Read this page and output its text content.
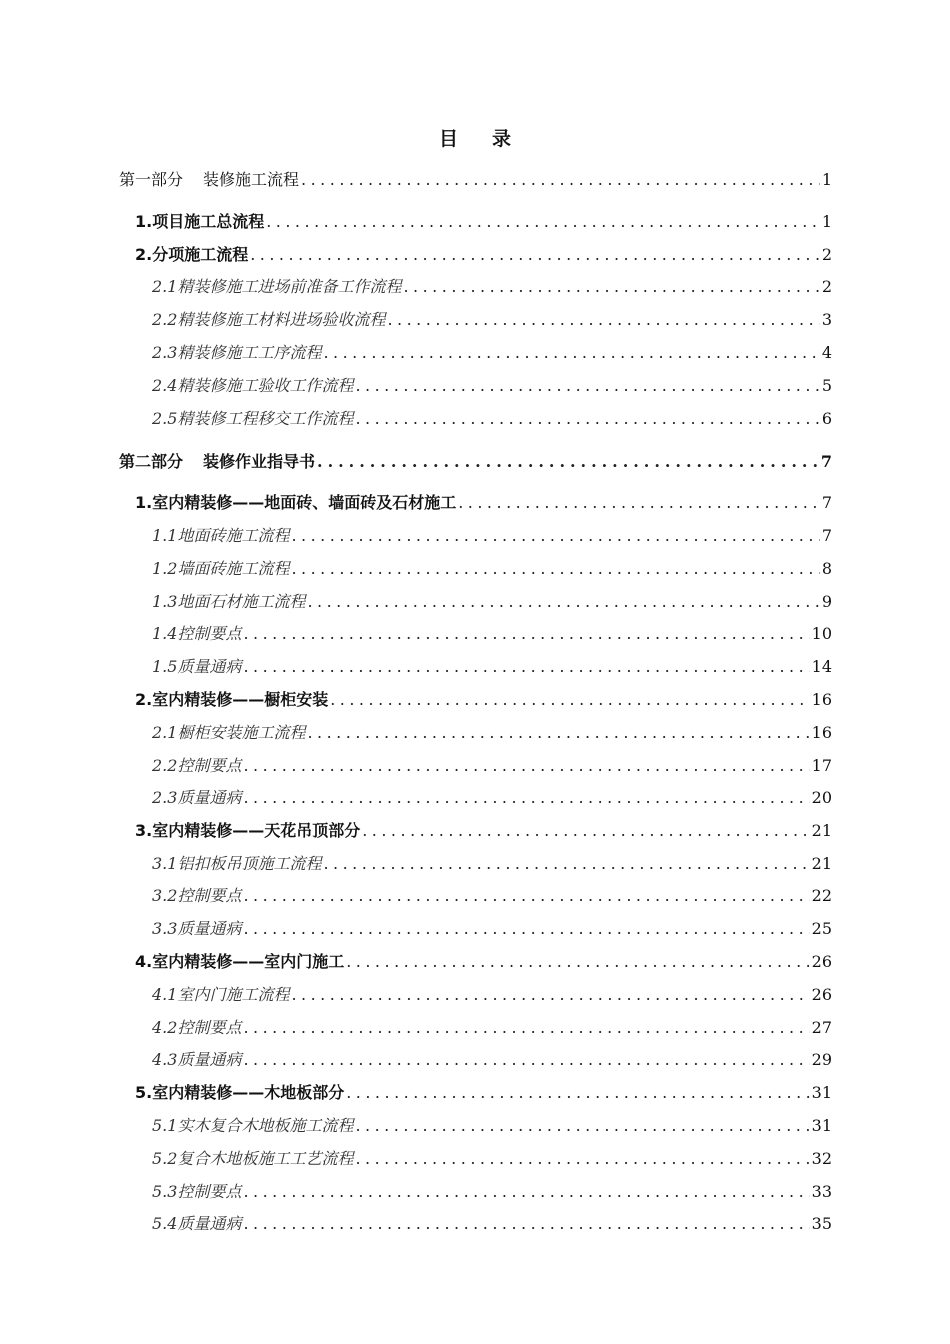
目 录
第一部分 装修施工流程 . . .	1
1.项目施工总流程 . . .	1
2.分项施工流程 . . .	2
2.1精装修施工进场前准备工作流程 . . .	2
2.2精装修施工材料进场验收流程 . . .	3
2.3精装修施工工序流程 . . .	4
2.4精装修施工验收工作流程 . . .	5
2.5精装修工程移交工作流程 . . .	6
第二部分 装修作业指导书 . . .	7
1.室内精装修——地面砖、墙面砖及石材施工 . . .	7
1.1地面砖施工流程 . . .	7
1.2墙面砖施工流程 . . .	8
1.3地面石材施工流程 . . .	9
1.4控制要点 . . .	10
1.5质量通病 . . .	14
2.室内精装修——橱柜安装 . . .	16
2.1橱柜安装施工流程 . . .	16
2.2控制要点 . . .	17
2.3质量通病 . . .	20
3.室内精装修——天花吊顶部分 . . .	21
3.1铝扣板吊顶施工流程 . . .	21
3.2控制要点 . . .	22
3.3质量通病 . . .	25
4.室内精装修——室内门施工 . . .	26
4.1室内门施工流程 . . .	26
4.2控制要点 . . .	27
4.3质量通病 . . .	29
5.室内精装修——木地板部分 . . .	31
5.1实木复合木地板施工流程 . . .	31
5.2复合木地板施工工艺流程 . . .	32
5.3控制要点 . . .	33
5.4质量通病 . . .	35
